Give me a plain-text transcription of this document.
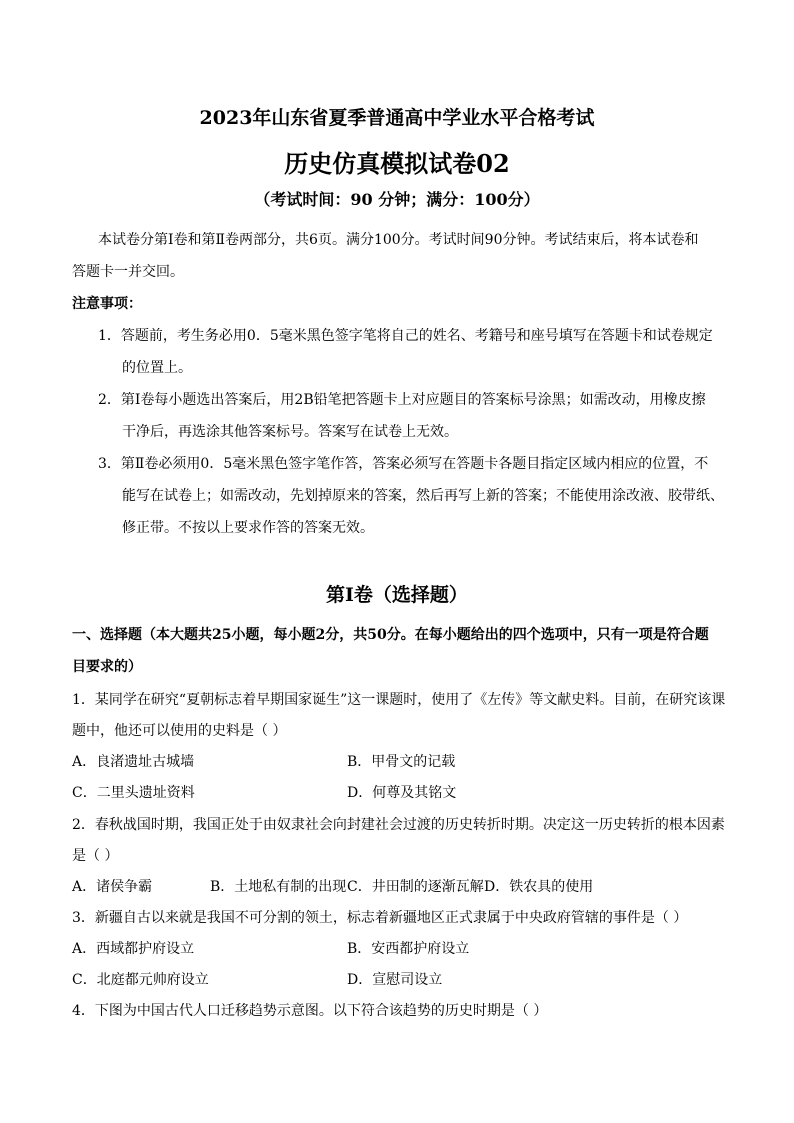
2023年山东省夏季普通高中学业水平合格考试
历史仿真模拟试卷02
（考试时间：90 分钟；满分：100分）
本试卷分第Ⅰ卷和第Ⅱ卷两部分，共6页。满分100分。考试时间90分钟。考试结束后，将本试卷和
答题卡一并交回。
注意事项：
1．答题前，考生务必用0．5毫米黑色签字笔将自己的姓名、考籍号和座号填写在答题卡和试卷规定
的位置上。
2．第Ⅰ卷每小题选出答案后，用2B铅笔把答题卡上对应题目的答案标号涂黑；如需改动，用橡皮擦
干净后，再选涂其他答案标号。答案写在试卷上无效。
3．第Ⅱ卷必须用0．5毫米黑色签字笔作答，答案必须写在答题卡各题目指定区域内相应的位置，不
能写在试卷上；如需改动，先划掉原来的答案，然后再写上新的答案；不能使用涂改液、胶带纸、
修正带。不按以上要求作答的答案无效。
第Ⅰ卷（选择题）
一、选择题（本大题共25小题，每小题2分，共50分。在每小题给出的四个选项中，只有一项是符合题
目要求的）
1．某同学在研究“夏朝标志着早期国家诞生”这一课题时，使用了《左传》等文献史料。目前，在研究该课
题中，他还可以使用的史料是（ ）
A．良渚遗址古城墙	B．甲骨文的记载
C．二里头遗址资料	D．何尊及其铭文
2．春秋战国时期，我国正处于由奴隶社会向封建社会过渡的历史转折时期。决定这一历史转折的根本因素
是（ ）
A．诸侯争霸	B．土地私有制的出现 C．井田制的逐渐瓦解 D．铁农具的使用
3．新疆自古以来就是我国不可分割的领土，标志着新疆地区正式隶属于中央政府管辖的事件是（ ）
A．西域都护府设立	B．安西都护府设立
C．北庭都元帅府设立	D．宣慰司设立
4．下图为中国古代人口迁移趋势示意图。以下符合该趋势的历史时期是（ ）
